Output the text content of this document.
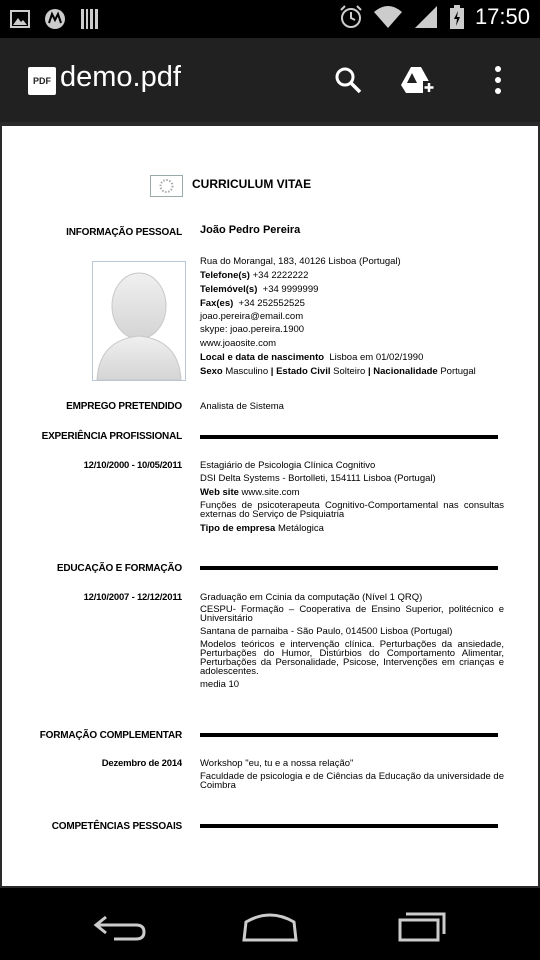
17:50
PDF demo.pdf
CURRICULUM VITAE
INFORMAÇÃO PESSOAL João Pedro Pereira
Rua do Morangal, 183, 40126 Lisboa (Portugal)
Telefone(s) +34 2222222
Telemóvel(s) +34 9999999
Fax(es) +34 252552525
joao.pereira@email.com
skype: joao.pereira.1900
www.joaosite.com
Local e data de nascimento Lisboa em 01/02/1990
Sexo Masculino | Estado Civil Solteiro | Nacionalidade Portugal
EMPREGO PRETENDIDO Analista de Sistema
EXPERIÊNCIA PROFISSIONAL
12/10/2000 - 10/05/2011 Estagiário de Psicologia Clínica Cognitivo
DSI Delta Systems - Bortolleti, 154111 Lisboa (Portugal)
Web site www.site.com
Funções de psicoterapeuta Cognitivo-Comportamental nas consultas externas do Serviço de Psiquiatria
Tipo de empresa Metálogica
EDUCAÇÃO E FORMAÇÃO
12/10/2007 - 12/12/2011 Graduação em Ccinia da computação (Nível 1 QRQ)
CESPU- Formação – Cooperativa de Ensino Superior, politécnico e Universitário
Santana de parnaiba - São Paulo, 014500 Lisboa (Portugal)
Modelos teóricos e intervenção clínica. Perturbações da ansiedade, Perturbações do Humor, Distúrbios do Comportamento Alimentar, Perturbações da Personalidade, Psicose, Intervenções em crianças e adolescentes.
media 10
FORMAÇÃO COMPLEMENTAR
Dezembro de 2014 Workshop "eu, tu e a nossa relação"
Faculdade de psicologia e de Ciências da Educação da universidade de Coimbra
COMPETÊNCIAS PESSOAIS
